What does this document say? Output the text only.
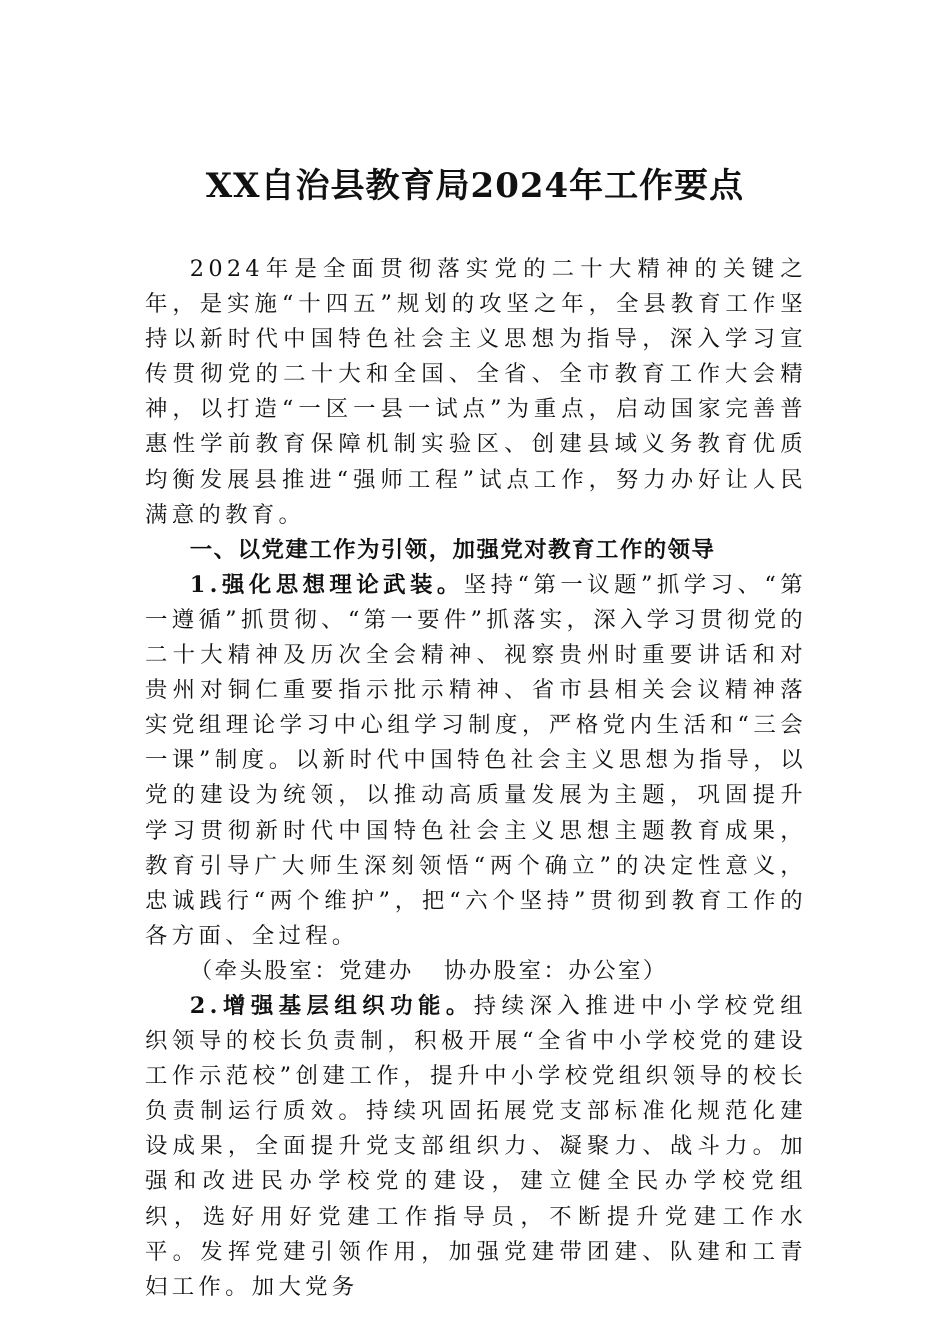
XX自治县教育局2024年工作要点

2024年是全面贯彻落实党的二十大精神的关键之年，是实施“十四五”规划的攻坚之年，全县教育工作坚持以新时代中国特色社会主义思想为指导，深入学习宣传贯彻党的二十大和全国、全省、全市教育工作大会精神，以打造“一区一县一试点”为重点，启动国家完善普惠性学前教育保障机制实验区、创建县域义务教育优质均衡发展县推进“强师工程”试点工作，努力办好让人民满意的教育。

一、以党建工作为引领，加强党对教育工作的领导

1.强化思想理论武装。坚持“第一议题”抓学习、“第一遵循”抓贯彻、“第一要件”抓落实，深入学习贯彻党的二十大精神及历次全会精神、视察贵州时重要讲话和对贵州对铜仁重要指示批示精神、省市县相关会议精神落实党组理论学习中心组学习制度，严格党内生活和“三会一课”制度。以新时代中国特色社会主义思想为指导，以党的建设为统领，以推动高质量发展为主题，巩固提升学习贯彻新时代中国特色社会主义思想主题教育成果，教育引导广大师生深刻领悟“两个确立”的决定性意义，忠诚践行“两个维护”，把“六个坚持”贯彻到教育工作的各方面、全过程。

（牵头股室：党建办 协办股室：办公室）

2.增强基层组织功能。持续深入推进中小学校党组织领导的校长负责制，积极开展“全省中小学校党的建设工作示范校”创建工作，提升中小学校党组织领导的校长负责制运行质效。持续巩固拓展党支部标准化规范化建设成果，全面提升党支部组织力、凝聚力、战斗力。加强和改进民办学校党的建设，建立健全民办学校党组织，选好用好党建工作指导员，不断提升党建工作水平。发挥党建引领作用，加强党建带团建、队建和工青妇工作。加大党务
